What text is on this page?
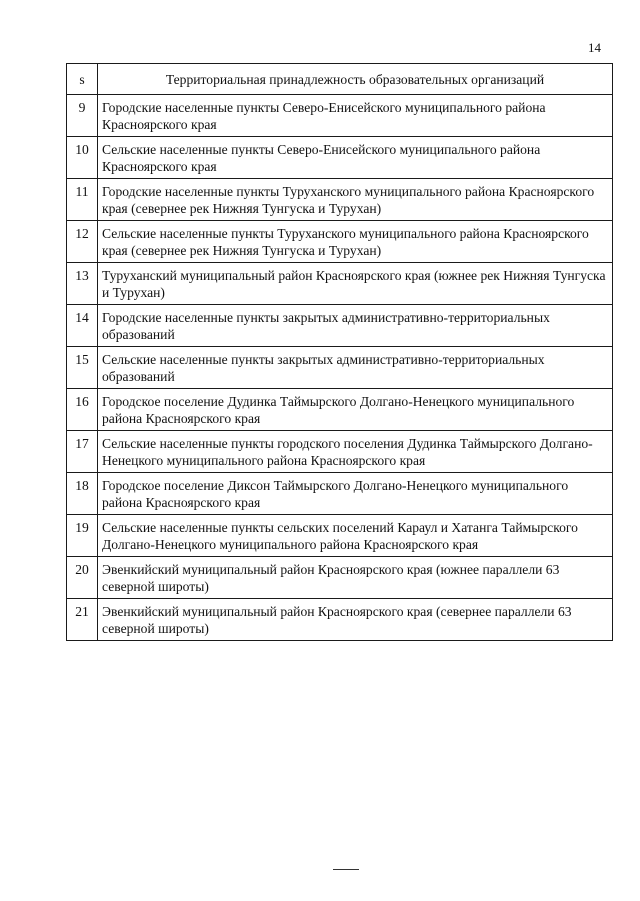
14
s	Территориальная принадлежность образовательных организаций
9	Городские населенные пункты Северо-Енисейского муниципального района Красноярского края
10	Сельские населенные пункты Северо-Енисейского муниципального района Красноярского края
11	Городские населенные пункты Туруханского муниципального района Красноярского края (севернее рек Нижняя Тунгуска и Турухан)
12	Сельские населенные пункты Туруханского муниципального района Красноярского края (севернее рек Нижняя Тунгуска и Турухан)
13	Туруханский муниципальный район Красноярского края (южнее рек Нижняя Тунгуска и Турухан)
14	Городские населенные пункты закрытых административно-территориальных образований
15	Сельские населенные пункты закрытых административно-территориальных образований
16	Городское поселение Дудинка Таймырского Долгано-Ненецкого муниципального района Красноярского края
17	Сельские населенные пункты городского поселения Дудинка Таймырского Долгано-Ненецкого муниципального района Красноярского края
18	Городское поселение Диксон Таймырского Долгано-Ненецкого муниципального района Красноярского края
19	Сельские населенные пункты сельских поселений Караул и Хатанга Таймырского Долгано-Ненецкого муниципального района Красноярского края
20	Эвенкийский муниципальный район Красноярского края (южнее параллели 63 северной широты)
21	Эвенкийский муниципальный район Красноярского края (севернее параллели 63 северной широты)
